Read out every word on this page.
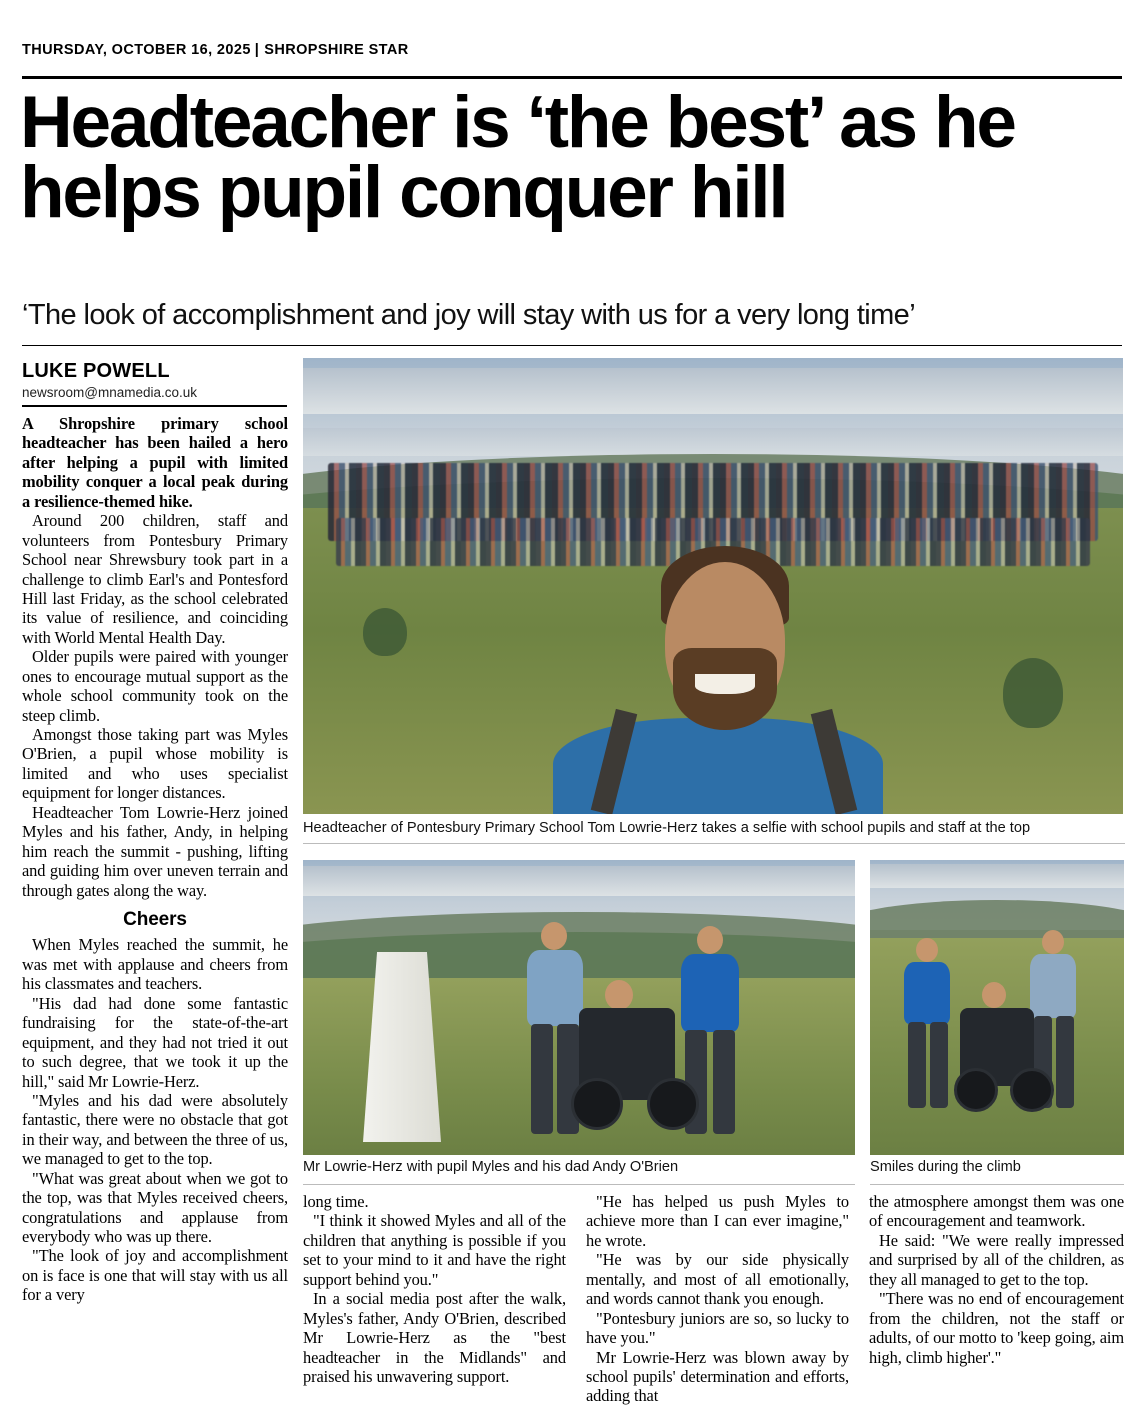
THURSDAY, OCTOBER 16, 2025 | SHROPSHIRE STAR
Headteacher is ‘the best’ as he helps pupil conquer hill
‘The look of accomplishment and joy will stay with us for a very long time’
LUKE POWELL
newsroom@mnamedia.co.uk

A Shropshire primary school headteacher has been hailed a hero after helping a pupil with limited mobility conquer a local peak during a resilience-themed hike.

Around 200 children, staff and volunteers from Pontesbury Primary School near Shrewsbury took part in a challenge to climb Earl's and Pontesford Hill last Friday, as the school celebrated its value of resilience, and coinciding with World Mental Health Day.

Older pupils were paired with younger ones to encourage mutual support as the whole school community took on the steep climb.

Amongst those taking part was Myles O'Brien, a pupil whose mobility is limited and who uses specialist equipment for longer distances.

Headteacher Tom Lowrie-Herz joined Myles and his father, Andy, in helping him reach the summit - pushing, lifting and guiding him over uneven terrain and through gates along the way.

Cheers

When Myles reached the summit, he was met with applause and cheers from his classmates and teachers.

"His dad had done some fantastic fundraising for the state-of-the-art equipment, and they had not tried it out to such degree, that we took it up the hill," said Mr Lowrie-Herz.

"Myles and his dad were absolutely fantastic, there were no obstacle that got in their way, and between the three of us, we managed to get to the top.

"What was great about when we got to the top, was that Myles received cheers, congratulations and applause from everybody who was up there.

"The look of joy and accomplishment on is face is one that will stay with us all for a very

Headteacher of Pontesbury Primary School Tom Lowrie-Herz takes a selfie with school pupils and staff at the top
Mr Lowrie-Herz with pupil Myles and his dad Andy O'Brien	Smiles during the climb

long time.

"I think it showed Myles and all of the children that anything is possible if you set to your mind to it and have the right support behind you."

In a social media post after the walk, Myles's father, Andy O'Brien, described Mr Lowrie-Herz as the "best headteacher in the Midlands" and praised his unwavering support.

"He has helped us push Myles to achieve more than I can ever imagine," he wrote.

"He was by our side physically mentally, and most of all emotionally, and words cannot thank you enough.

"Pontesbury juniors are so, so lucky to have you."

Mr Lowrie-Herz was blown away by school pupils' determination and efforts, adding that

the atmosphere amongst them was one of encouragement and teamwork.

He said: "We were really impressed and surprised by all of the children, as they all managed to get to the top.

"There was no end of encouragement from the children, not the staff or adults, of our motto to 'keep going, aim high, climb higher'."
